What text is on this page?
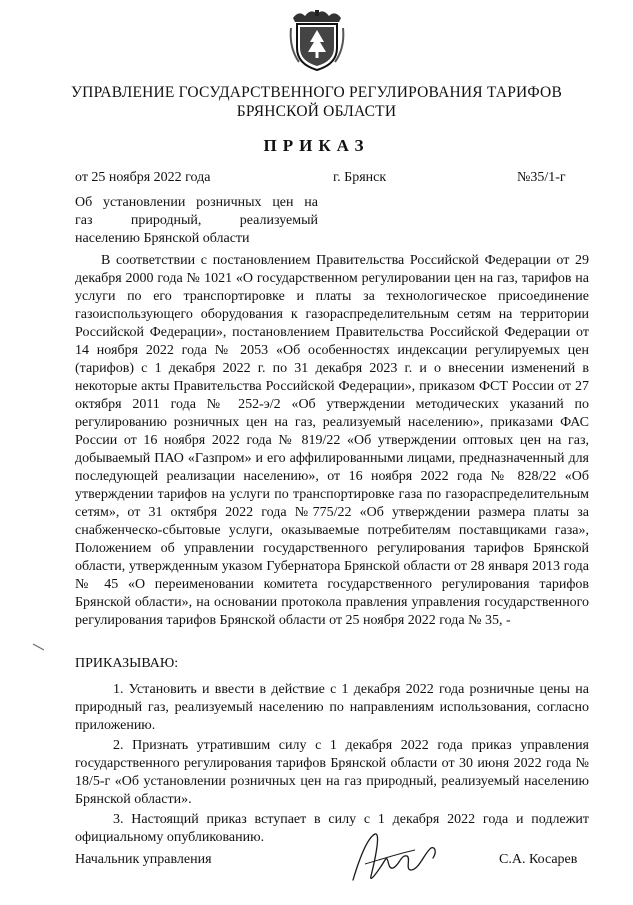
УПРАВЛЕНИЕ ГОСУДАРСТВЕННОГО РЕГУЛИРОВАНИЯ ТАРИФОВ
БРЯНСКОЙ ОБЛАСТИ
ПРИКАЗ
от 25 ноября 2022 года	г. Брянск	№35/1-г
Об установлении розничных цен на
газ природный, реализуемый
населению Брянской области

В соответствии с постановлением Правительства Российской Федерации от 29 декабря 2000 года № 1021 «О государственном регулировании цен на газ, тарифов на услуги по его транспортировке и платы за технологическое присоединение газоиспользующего оборудования к газораспределительным сетям на территории Российской Федерации», постановлением Правительства Российской Федерации от 14 ноября 2022 года № 2053 «Об особенностях индексации регулируемых цен (тарифов) с 1 декабря 2022 г. по 31 декабря 2023 г. и о внесении изменений в некоторые акты Правительства Российской Федерации», приказом ФСТ России от 27 октября 2011 года № 252-э/2 «Об утверждении методических указаний по регулированию розничных цен на газ, реализуемый населению», приказами ФАС России от 16 ноября 2022 года № 819/22 «Об утверждении оптовых цен на газ, добываемый ПАО «Газпром» и его аффилированными лицами, предназначенный для последующей реализации населению», от 16 ноября 2022 года № 828/22 «Об утверждении тарифов на услуги по транспортировке газа по газораспределительным сетям», от 31 октября 2022 года №775/22 «Об утверждении размера платы за снабженческо-сбытовые услуги, оказываемые потребителям поставщиками газа», Положением об управлении государственного регулирования тарифов Брянской области, утвержденным указом Губернатора Брянской области от 28 января 2013 года № 45 «О переименовании комитета государственного регулирования тарифов Брянской области», на основании протокола правления управления государственного регулирования тарифов Брянской области от 25 ноября 2022 года № 35, -

ПРИКАЗЫВАЮ:

1. Установить и ввести в действие с 1 декабря 2022 года розничные цены на природный газ, реализуемый населению по направлениям использования, согласно приложению.

2. Признать утратившим силу с 1 декабря 2022 года приказ управления государственного регулирования тарифов Брянской области от 30 июня 2022 года № 18/5-г «Об установлении розничных цен на газ природный, реализуемый населению Брянской области».

3. Настоящий приказ вступает в силу с 1 декабря 2022 года и подлежит официальному опубликованию.

Начальник управления	С.А. Косарев
